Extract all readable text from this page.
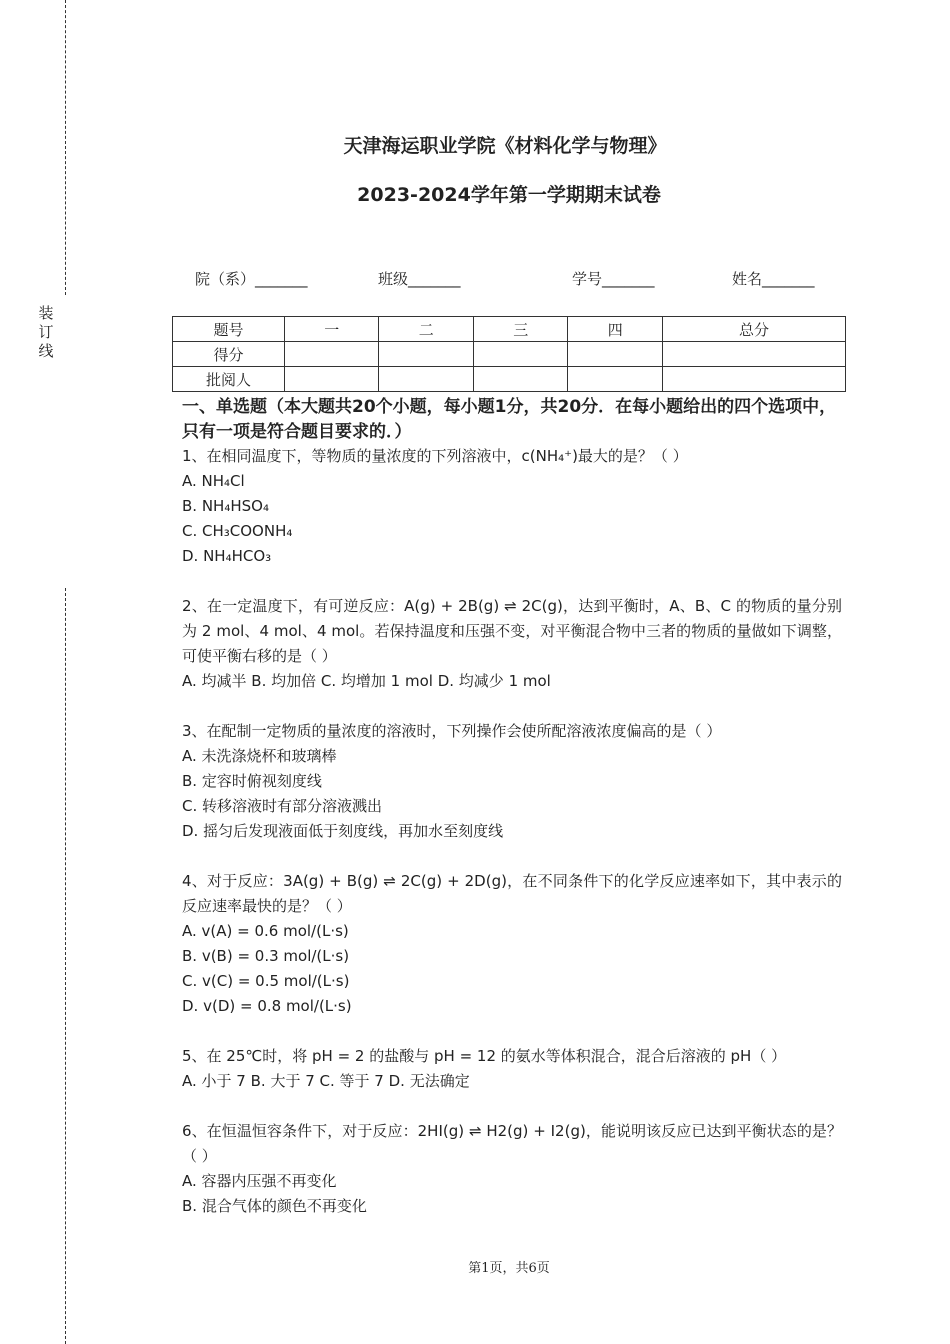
装订线
天津海运职业学院《材料化学与物理》
2023-2024学年第一学期期末试卷
院（系）_______	班级_______	学号_______	姓名_______
题号	一	二	三	四	总分
得分					
批阅人					
一、单选题（本大题共20个小题，每小题1分，共20分．在每小题给出的四个选项中，只有一项是符合题目要求的．）
1、在相同温度下，等物质的量浓度的下列溶液中，c(NH₄⁺)最大的是？（ ）
A. NH₄Cl
B. NH₄HSO₄
C. CH₃COONH₄
D. NH₄HCO₃
2、在一定温度下，有可逆反应：A(g) + 2B(g) ⇌ 2C(g)，达到平衡时，A、B、C 的物质的量分别为 2 mol、4 mol、4 mol。若保持温度和压强不变，对平衡混合物中三者的物质的量做如下调整，可使平衡右移的是（ ）
A. 均减半 B. 均加倍 C. 均增加 1 mol D. 均减少 1 mol
3、在配制一定物质的量浓度的溶液时，下列操作会使所配溶液浓度偏高的是（ ）
A. 未洗涤烧杯和玻璃棒
B. 定容时俯视刻度线
C. 转移溶液时有部分溶液溅出
D. 摇匀后发现液面低于刻度线，再加水至刻度线
4、对于反应：3A(g) + B(g) ⇌ 2C(g) + 2D(g)，在不同条件下的化学反应速率如下，其中表示的反应速率最快的是？（ ）
A. v(A) = 0.6 mol/(L·s)
B. v(B) = 0.3 mol/(L·s)
C. v(C) = 0.5 mol/(L·s)
D. v(D) = 0.8 mol/(L·s)
5、在 25℃时，将 pH = 2 的盐酸与 pH = 12 的氨水等体积混合，混合后溶液的 pH（ ）
A. 小于 7 B. 大于 7 C. 等于 7 D. 无法确定
6、在恒温恒容条件下，对于反应：2HI(g) ⇌ H2(g) + I2(g)，能说明该反应已达到平衡状态的是？（ ）
A. 容器内压强不再变化
B. 混合气体的颜色不再变化
第1页，共6页
